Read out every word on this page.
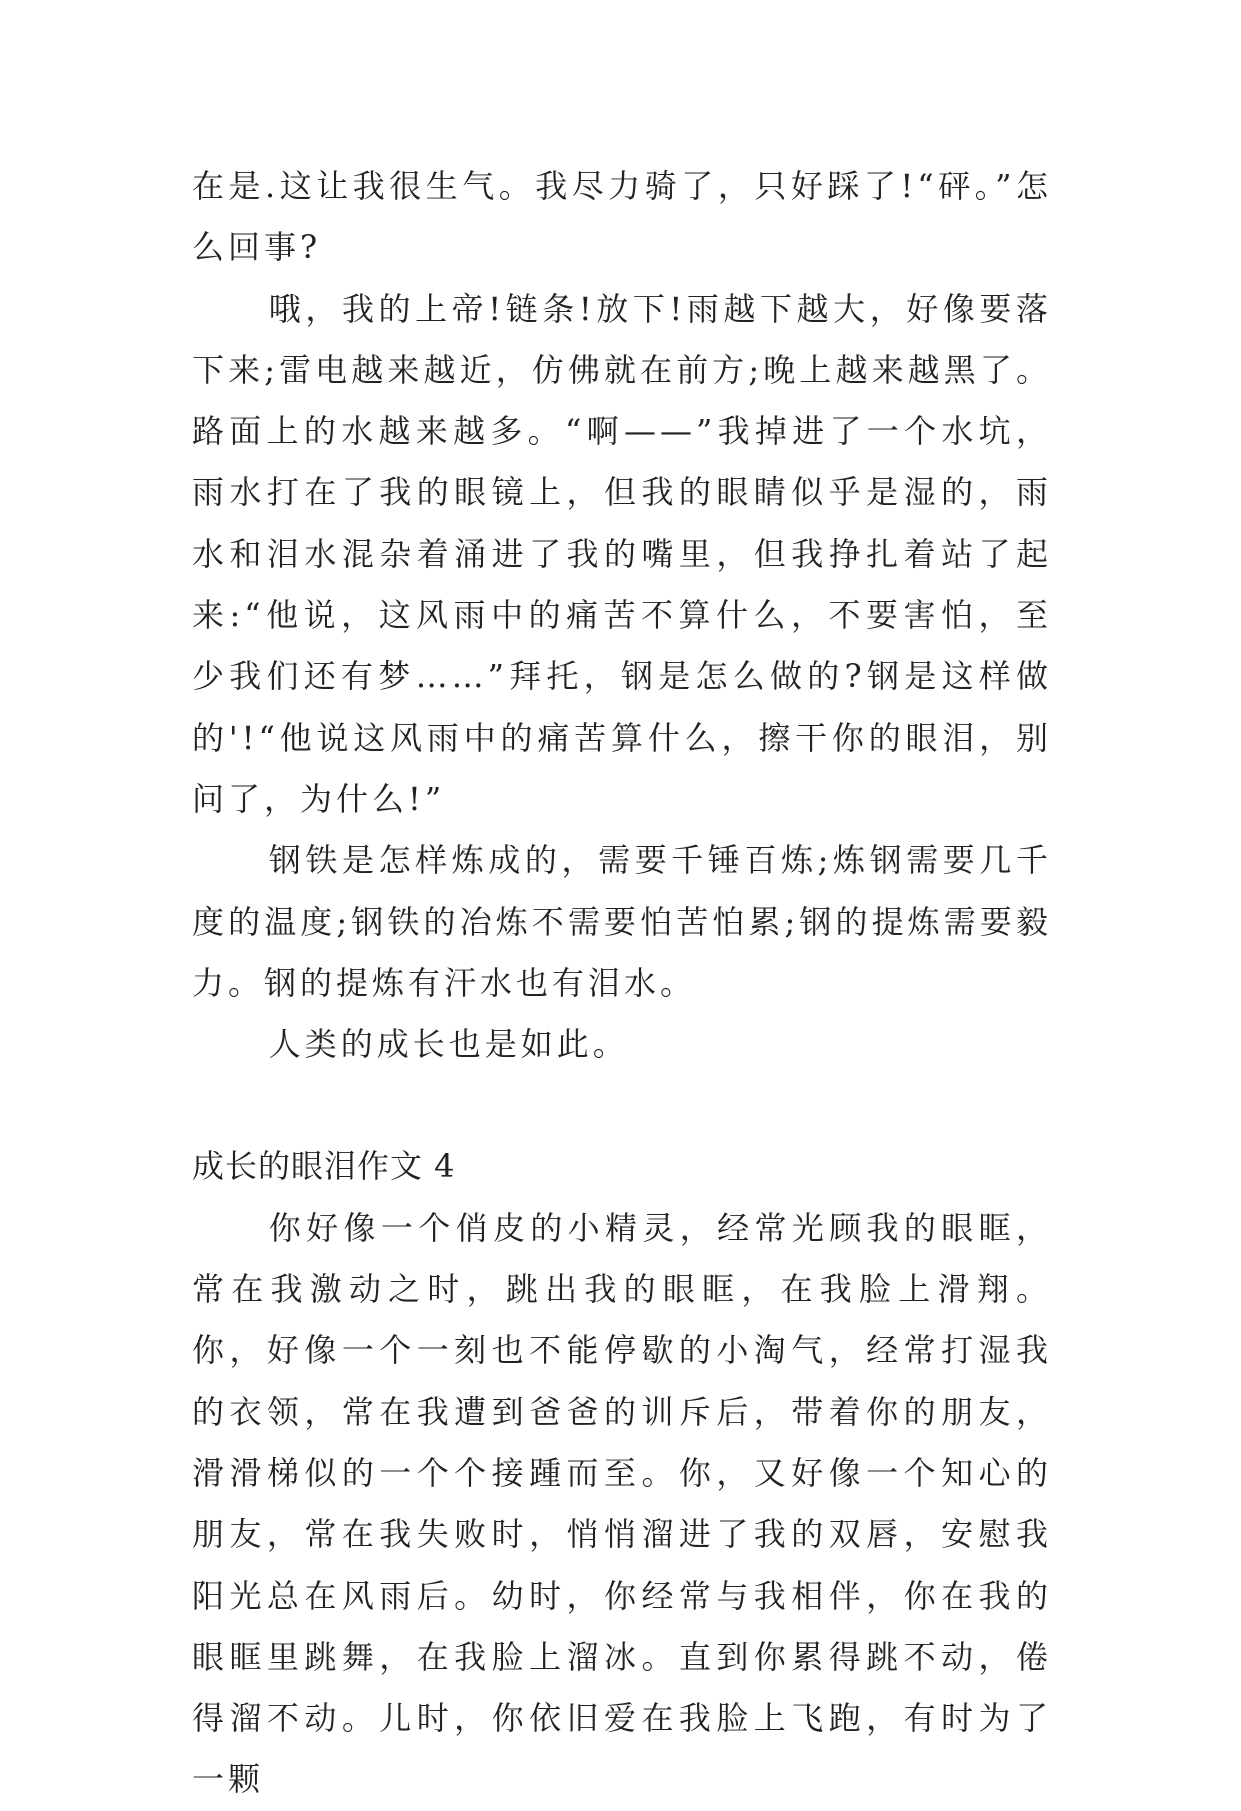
在是.这让我很生气。我尽力骑了，只好踩了!“砰。”怎么回事?

哦，我的上帝!链条!放下!雨越下越大，好像要落下来;雷电越来越近，仿佛就在前方;晚上越来越黑了。路面上的水越来越多。“啊——”我掉进了一个水坑，雨水打在了我的眼镜上，但我的眼睛似乎是湿的，雨水和泪水混杂着涌进了我的嘴里，但我挣扎着站了起来:“他说，这风雨中的痛苦不算什么，不要害怕，至少我们还有梦……”拜托，钢是怎么做的?钢是这样做的'!“他说这风雨中的痛苦算什么，擦干你的眼泪，别问了，为什么!”

钢铁是怎样炼成的，需要千锤百炼;炼钢需要几千度的温度;钢铁的冶炼不需要怕苦怕累;钢的提炼需要毅力。钢的提炼有汗水也有泪水。

人类的成长也是如此。

成长的眼泪作文 4

你好像一个俏皮的小精灵，经常光顾我的眼眶，常在我激动之时，跳出我的眼眶，在我脸上滑翔。你，好像一个一刻也不能停歇的小淘气，经常打湿我的衣领，常在我遭到爸爸的训斥后，带着你的朋友，滑滑梯似的一个个接踵而至。你，又好像一个知心的朋友，常在我失败时，悄悄溜进了我的双唇，安慰我阳光总在风雨后。幼时，你经常与我相伴，你在我的眼眶里跳舞，在我脸上溜冰。直到你累得跳不动，倦得溜不动。儿时，你依旧爱在我脸上飞跑，有时为了一颗
